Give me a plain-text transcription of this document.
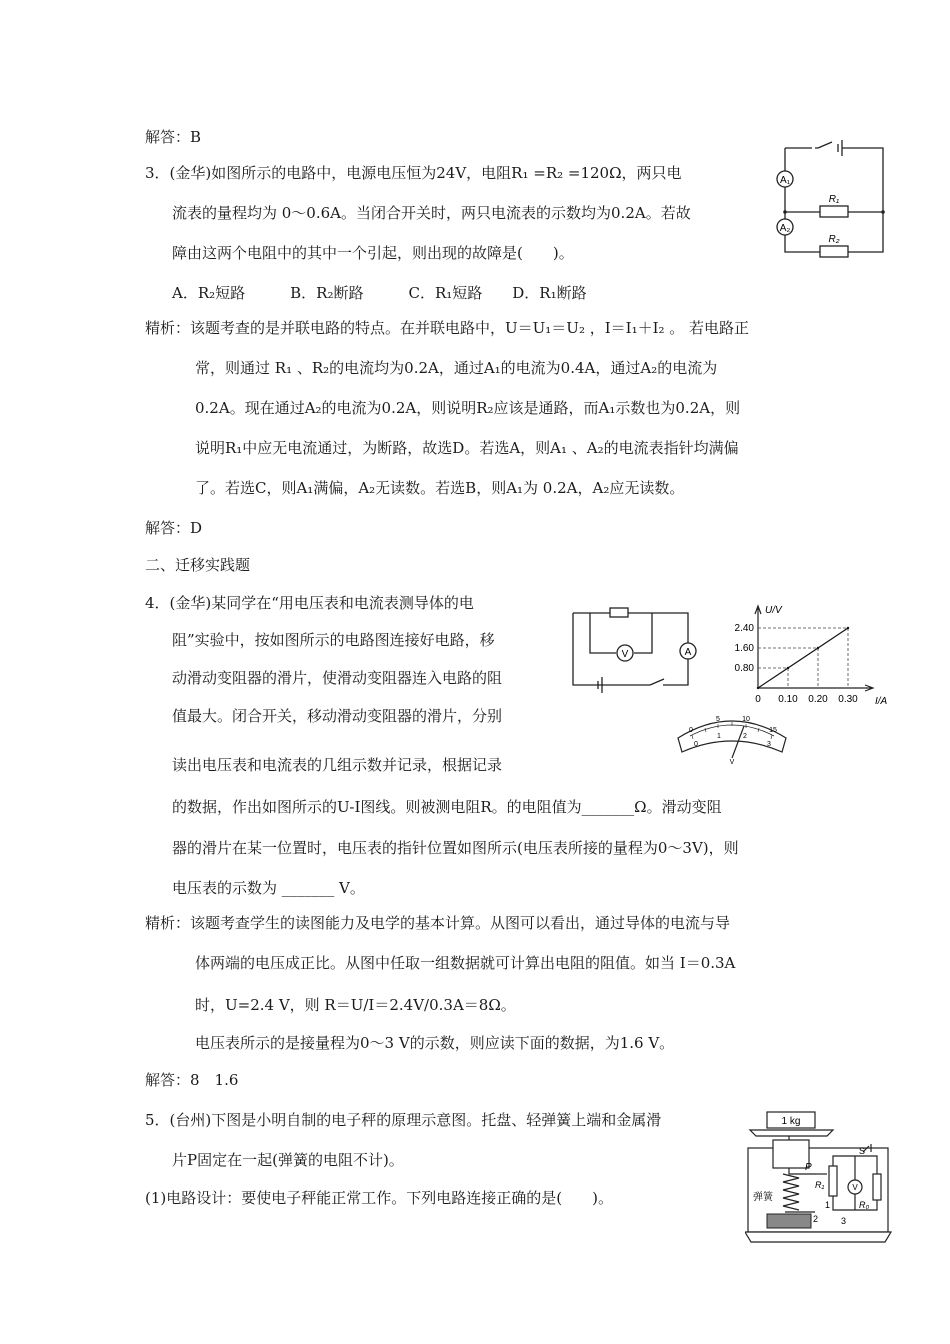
解答：B
3．(金华)如图所示的电路中，电源电压恒为24V，电阻R₁ =R₂ =120Ω，两只电
流表的量程均为 0～0.6A。当闭合开关时，两只电流表的示数均为0.2A。若故
障由这两个电阻中的其中一个引起，则出现的故障是(　　)。
A．R₂短路　　　B．R₂断路　　　C．R₁短路　　D．R₁断路
精析：该题考查的是并联电路的特点。在并联电路中，U＝U₁＝U₂ ，I＝I₁＋I₂ 。 若电路正
常，则通过 R₁ 、R₂的电流均为0.2A，通过A₁的电流为0.4A，通过A₂的电流为
0.2A。现在通过A₂的电流为0.2A，则说明R₂应该是通路，而A₁示数也为0.2A，则
说明R₁中应无电流通过，为断路，故选D。若选A，则A₁ 、A₂的电流表指针均满偏
了。若选C，则A₁满偏，A₂无读数。若选B，则A₁为 0.2A，A₂应无读数。
解答：D
A₁
A₂
R₁
R₂
二、迁移实践题
4．(金华)某同学在“用电压表和电流表测导体的电
阻”实验中，按如图所示的电路图连接好电路，移
动滑动变阻器的滑片，使滑动变阻器连入电路的阻
值最大。闭合开关，移动滑动变阻器的滑片，分别
读出电压表和电流表的几组示数并记录，根据记录
的数据，作出如图所示的U-I图线。则被测电阻R。的电阻值为_______Ω。滑动变阻
器的滑片在某一位置时，电压表的指针位置如图所示(电压表所接的量程为0～3V)，则
电压表的示数为 _______ V。
精析：该题考查学生的读图能力及电学的基本计算。从图可以看出，通过导体的电流与导
体两端的电压成正比。从图中任取一组数据就可计算出电阻的阻值。如当 I＝0.3A
时，U=2.4 V，则 R＝U/I＝2.4V/0.3A＝8Ω。
电压表所示的是接量程为0～3 V的示数，则应读下面的数据，为1.6 V。
解答：8　1.6
V	A
U/V
I/A
0 0.10 0.20 0.30
0.80
1.60
2.40
0
5	10
15
0
1	2
3
V
5．(台州)下图是小明自制的电子秤的原理示意图。托盘、轻弹簧上端和金属滑
片P固定在一起(弹簧的电阻不计)。
(1)电路设计：要使电子秤能正常工作。下列电路连接正确的是(　　)。
1 kg
P
R₁
弹簧
S
V
R₀
1
2	3
